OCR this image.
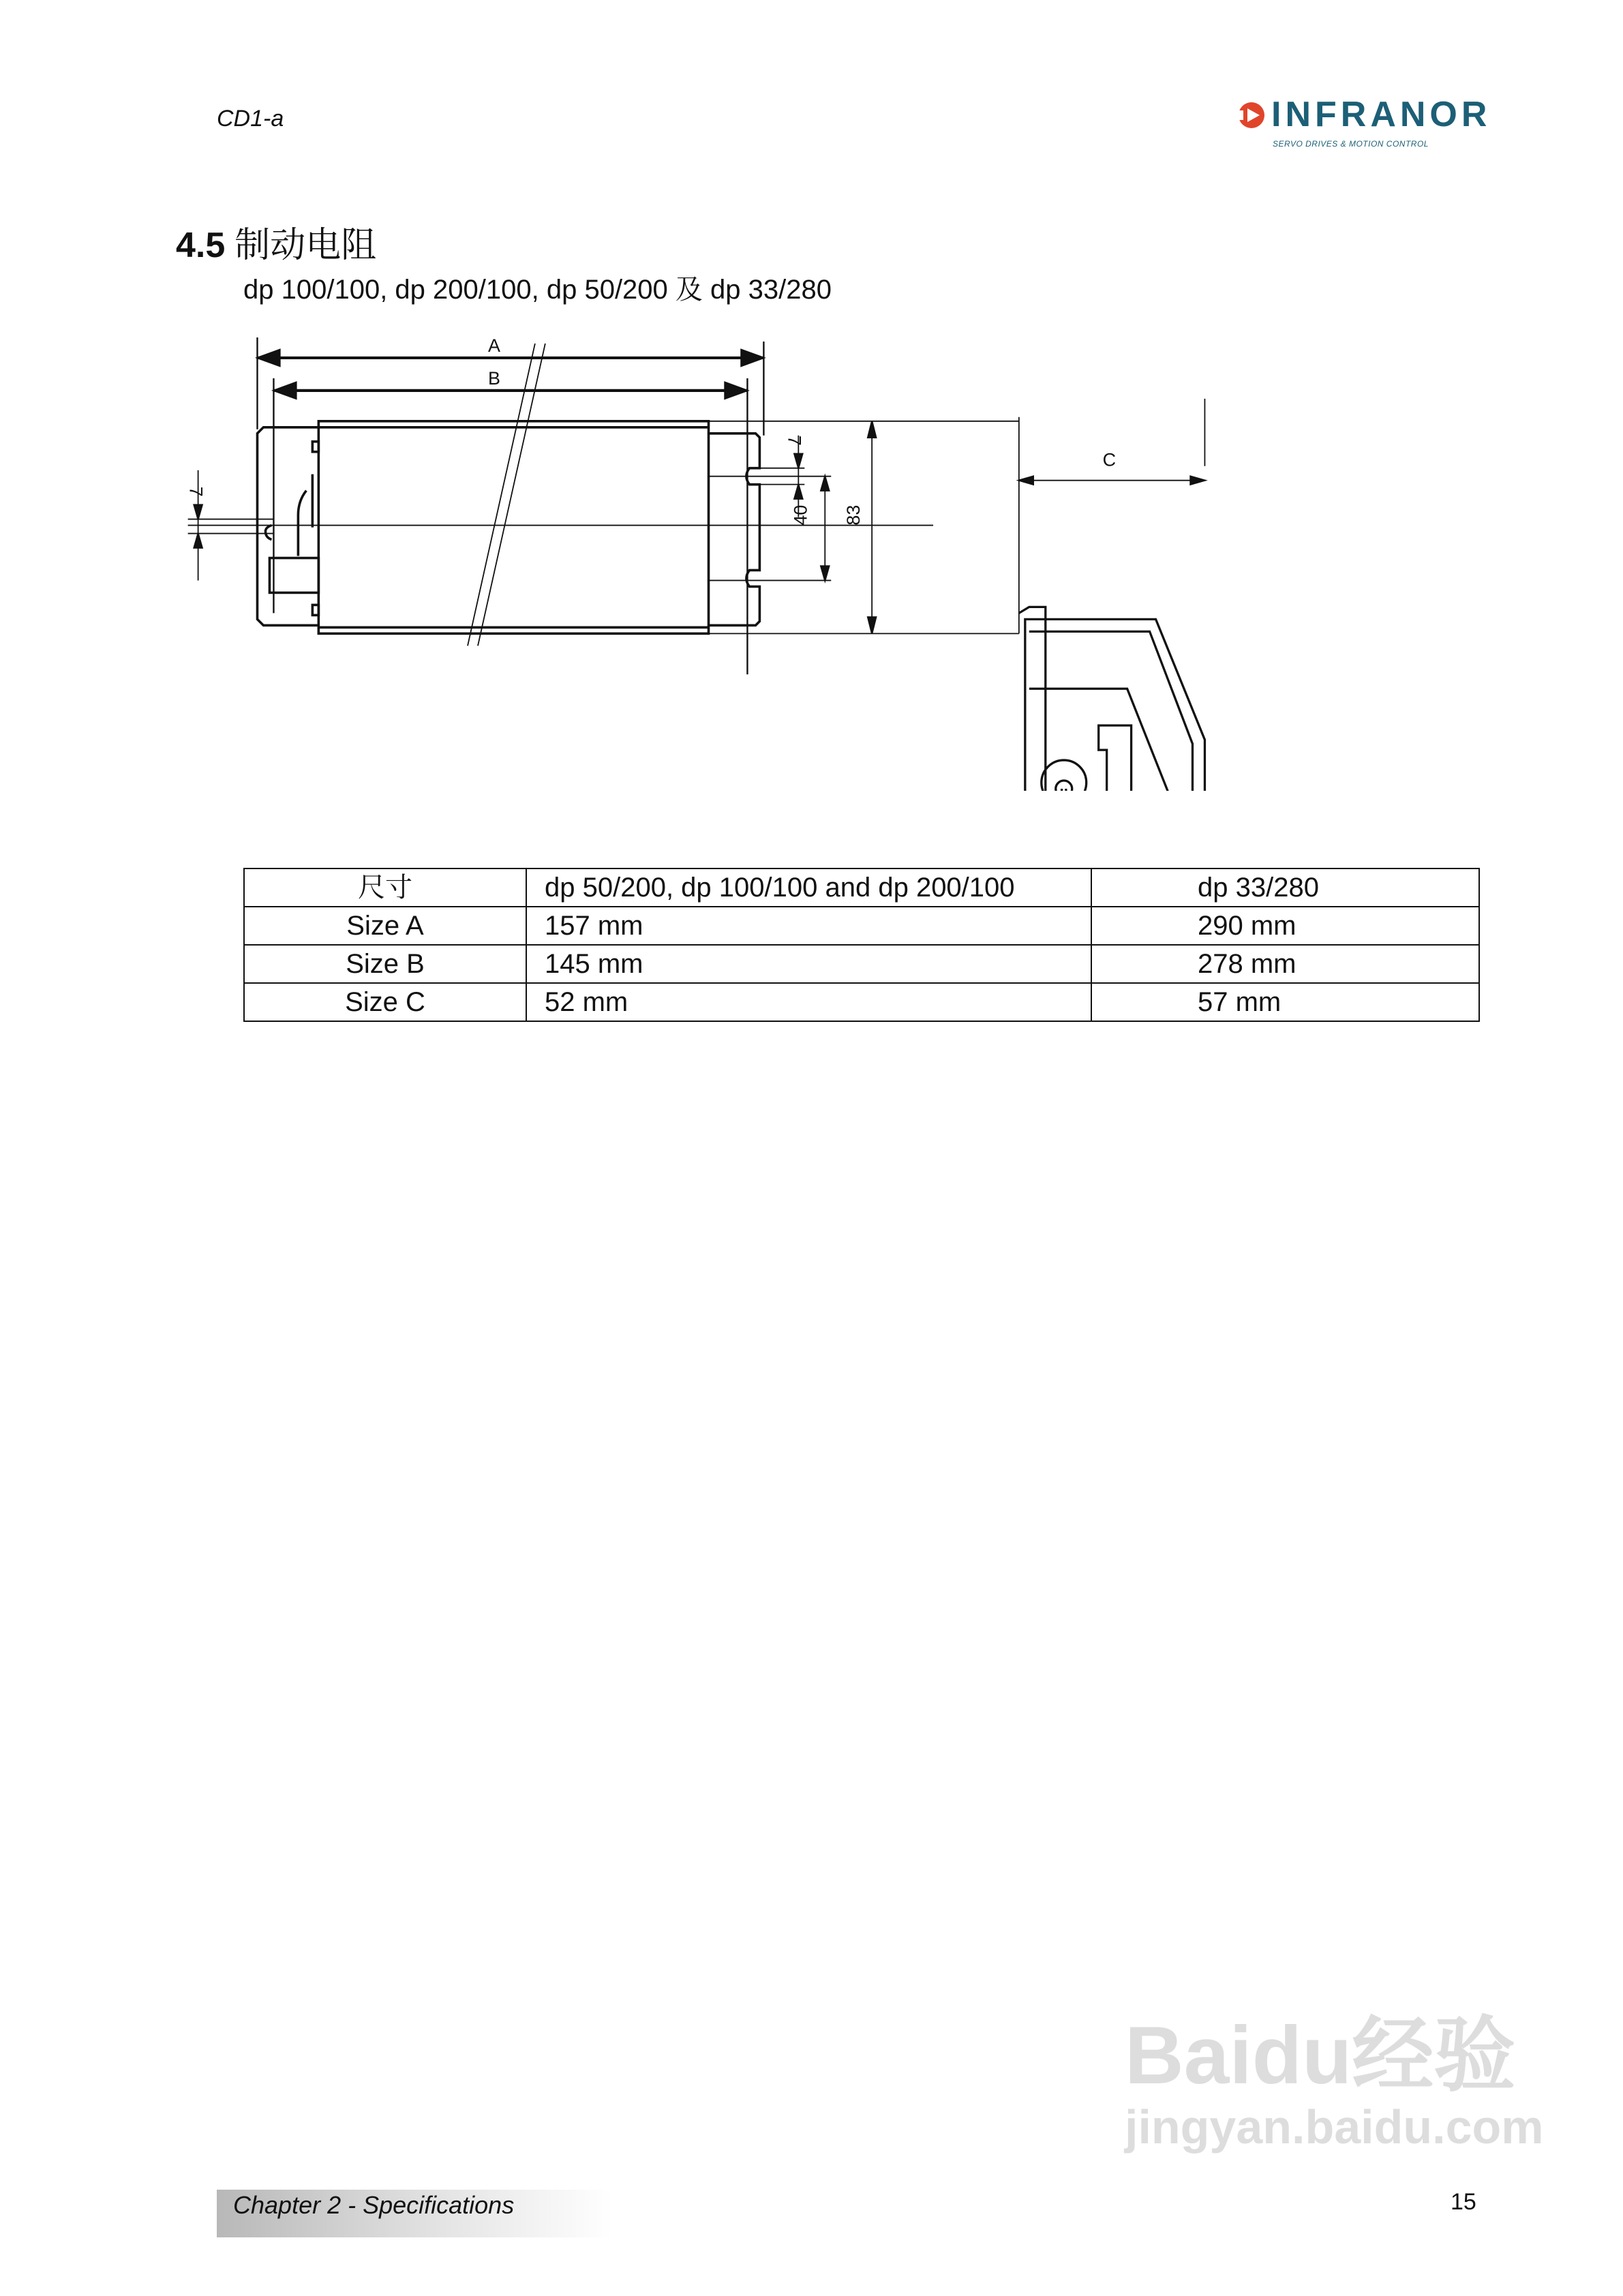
CD1-a	INFRANOR
SERVO DRIVES & MOTION CONTROL
4.5 制动电阻
dp 100/100, dp 200/100, dp 50/200 及 dp 33/280
A
B
7
7
40	83
C
尺寸	dp 50/200, dp 100/100 and dp 200/100	dp 33/280
Size A	157 mm	290 mm
Size B	145 mm	278 mm
Size C	52 mm	57 mm
Baidu经验
jingyan.baidu.com
Chapter 2 - Specifications	15
